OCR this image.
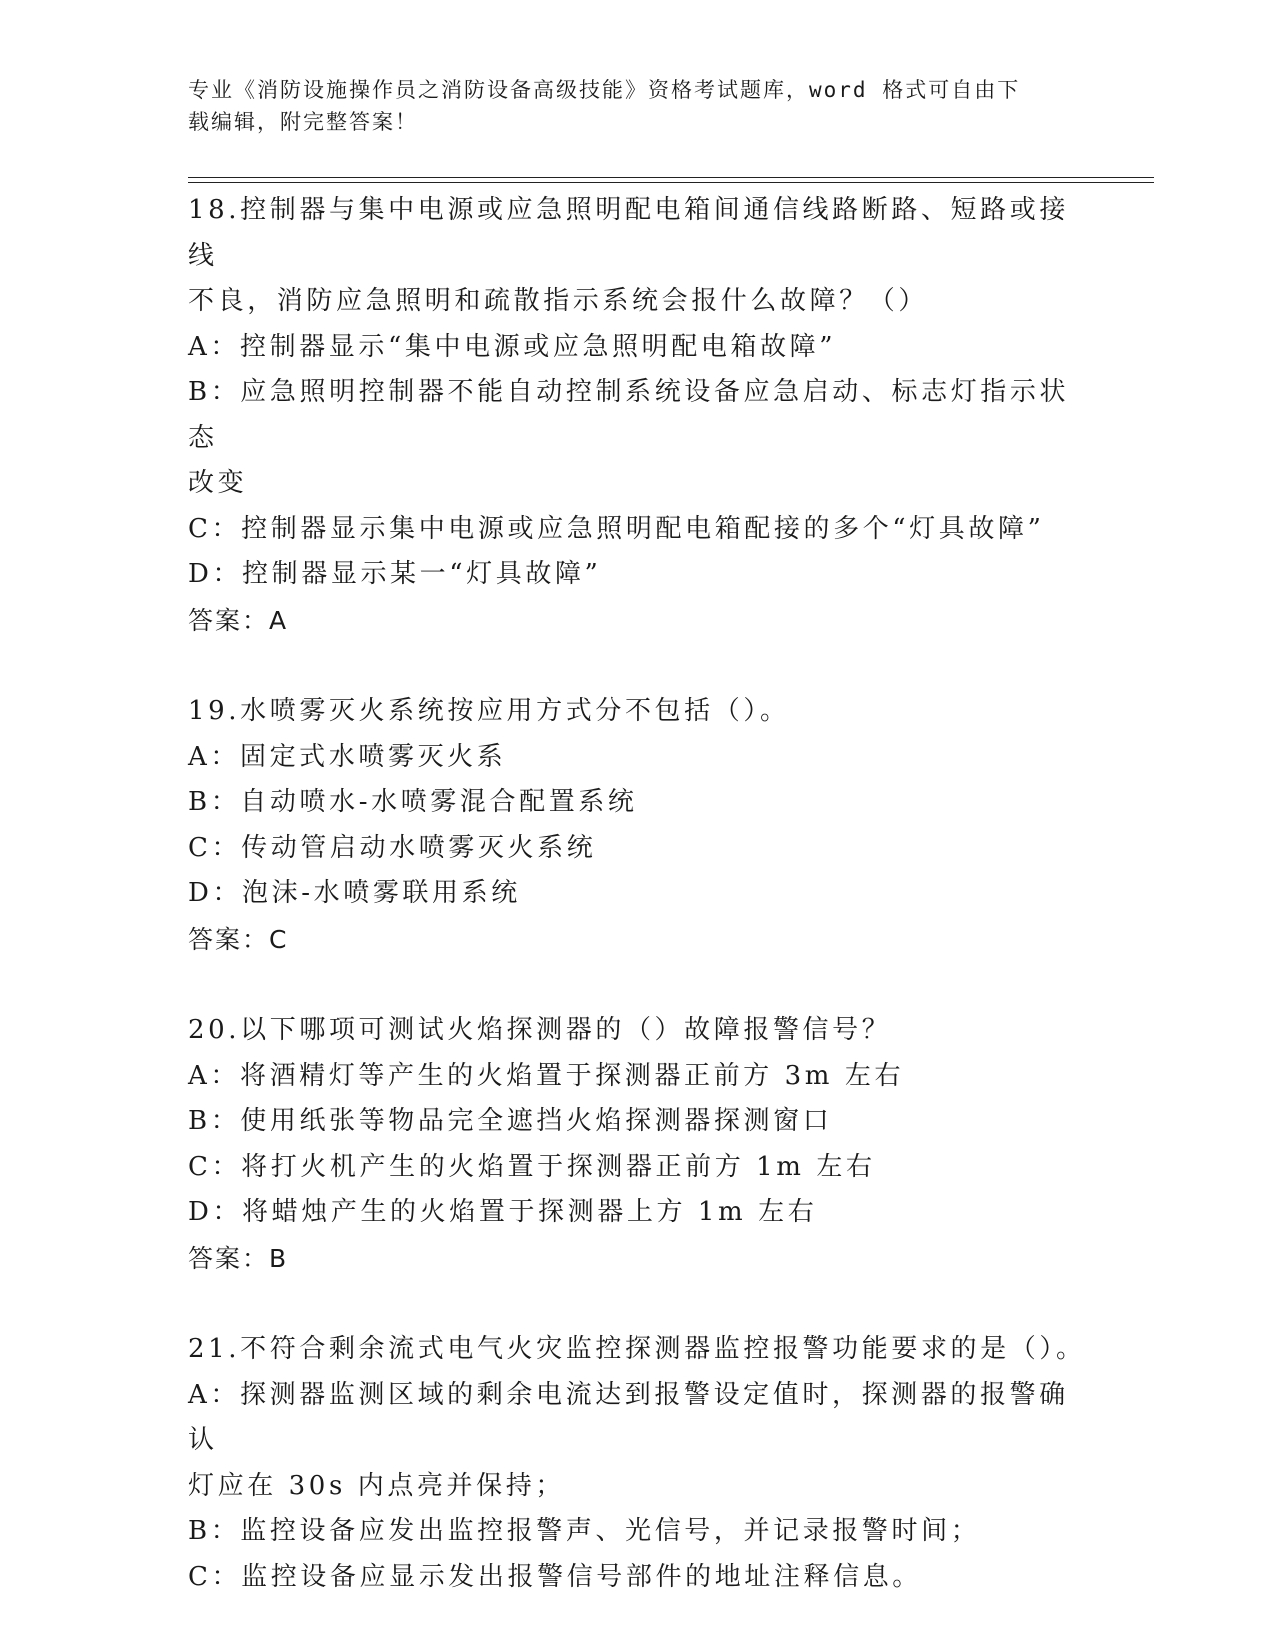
专业《消防设施操作员之消防设备高级技能》资格考试题库，word 格式可自由下
载编辑，附完整答案！
18.控制器与集中电源或应急照明配电箱间通信线路断路、短路或接线
不良，消防应急照明和疏散指示系统会报什么故障？（）
A：控制器显示“集中电源或应急照明配电箱故障”
B：应急照明控制器不能自动控制系统设备应急启动、标志灯指示状态
改变
C：控制器显示集中电源或应急照明配电箱配接的多个“灯具故障”
D：控制器显示某一“灯具故障”
答案：A
19.水喷雾灭火系统按应用方式分不包括（）。
A：固定式水喷雾灭火系
B：自动喷水-水喷雾混合配置系统
C：传动管启动水喷雾灭火系统
D：泡沫-水喷雾联用系统
答案：C
20.以下哪项可测试火焰探测器的（）故障报警信号？
A：将酒精灯等产生的火焰置于探测器正前方 3m 左右
B：使用纸张等物品完全遮挡火焰探测器探测窗口
C：将打火机产生的火焰置于探测器正前方 1m 左右
D：将蜡烛产生的火焰置于探测器上方 1m 左右
答案：B
21.不符合剩余流式电气火灾监控探测器监控报警功能要求的是（）。
A：探测器监测区域的剩余电流达到报警设定值时，探测器的报警确认
灯应在 30s 内点亮并保持；
B：监控设备应发出监控报警声、光信号，并记录报警时间；
C：监控设备应显示发出报警信号部件的地址注释信息。
